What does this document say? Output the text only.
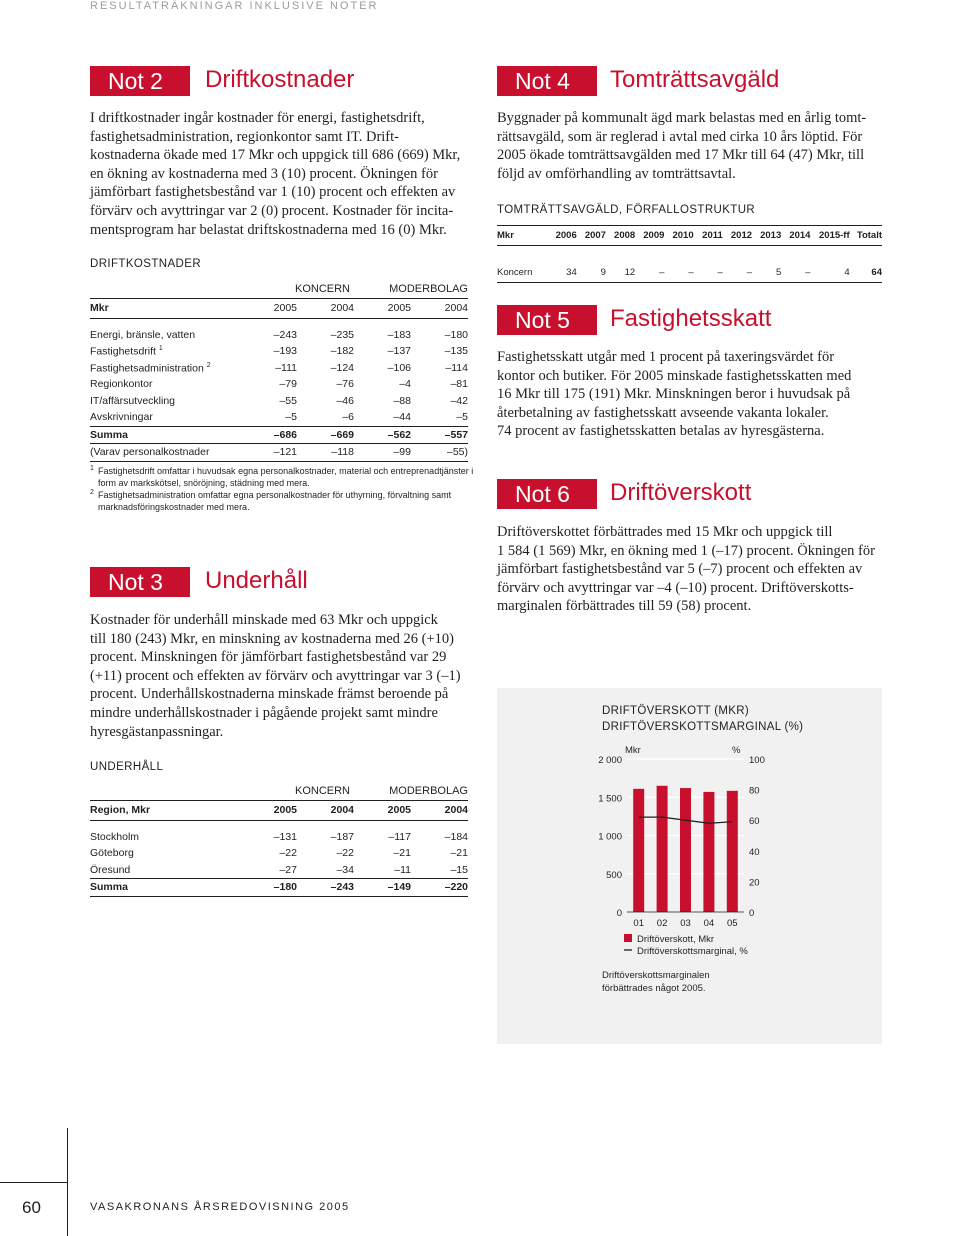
RESULTATRÄKNINGAR INKLUSIVE NOTER
Not 2	Driftkostnader
I driftkostnader ingår kostnader för energi, fastighetsdrift,
fastighetsadministration, regionkontor samt IT. Drift-
kostnaderna ökade med 17 Mkr och uppgick till 686 (669) Mkr,
en ökning av kostnaderna med 3 (10) procent. Ökningen för
jämförbart fastighetsbestånd var 1 (10) procent och effekten av
förvärv och avyttringar var 2 (0) procent. Kostnader för incita-
mentsprogram har belastat driftskostnaderna med 16 (0) Mkr.
DRIFTKOSTNADER
	KONCERN		MODERBOLAG	
Mkr	2005	2004	2005	2004

Energi, bränsle, vatten	–243	–235	–183	–180
Fastighetsdrift $^1$	–193	–182	–137	–135
Fastighetsadministration $^2$	–111	–124	–106	–114
Regionkontor	–79	–76	–4	–81
IT/affärsutveckling	–55	–46	–88	–42
Avskrivningar	–5	–6	–44	–5
Summa	–686	–669	–562	–557
(Varav personalkostnader	–121	–118	–99	–55)
1 Fastighetsdrift omfattar i huvudsak egna personalkostnader, material och entreprenadtjänster i
form av markskötsel, snöröjning, städning med mera.
2 Fastighetsadministration omfattar egna personalkostnader för uthyrning, förvaltning samt
marknadsföringskostnader med mera.
Not 3	Underhåll
Kostnader för underhåll minskade med 63 Mkr och uppgick
till 180 (243) Mkr, en minskning av kostnaderna med 26 (+10)
procent. Minskningen för jämförbart fastighetsbestånd var 29
(+11) procent och effekten av förvärv och avyttringar var 3 (–1)
procent. Underhållskostnaderna minskade främst beroende på
mindre underhållskostnader i pågående projekt samt mindre
hyresgästanpassningar.
UNDERHÅLL
	KONCERN		MODERBOLAG	
Region, Mkr	2005	2004	2005	2004

Stockholm	–131	–187	–117	–184
Göteborg	–22	–22	–21	–21
Öresund	–27	–34	–11	–15
Summa	–180	–243	–149	–220
Not 4	Tomträttsavgäld
Byggnader på kommunalt ägd mark belastas med en årlig tomt-
rättsavgäld, som är reglerad i avtal med cirka 10 års löptid. För
2005 ökade tomträttsavgälden med 17 Mkr till 64 (47) Mkr, till
följd av omförhandling av tomträttsavtal.
TOMTRÄTTSAVGÄLD, FÖRFALLOSTRUKTUR
Mkr	2006	2007	2008	2009	2010	2011	2012	2013	2014	2015-ff	Totalt

Koncern	34	9	12	–	–	–	–	5	–	4	64
Not 5	Fastighetsskatt
Fastighetsskatt utgår med 1 procent på taxeringsvärdet för
kontor och butiker. För 2005 minskade fastighetsskatten med
16 Mkr till 175 (191) Mkr. Minskningen beror i huvudsak på
återbetalning av fastighetsskatt avseende vakanta lokaler.
74 procent av fastighetsskatten betalas av hyresgästerna.
Not 6	Driftöverskott
Driftöverskottet förbättrades med 15 Mkr och uppgick till
1 584 (1 569) Mkr, en ökning med 1 (–17) procent. Ökningen för
jämförbart fastighetsbestånd var 5 (–7) procent och effekten av
förvärv och avyttringar var –4 (–10) procent. Driftöverskotts-
marginalen förbättrades till 59 (58) procent.
DRIFTÖVERSKOTT (MKR)
DRIFTÖVERSKOTTSMARGINAL (%)
0
500
1 000
1 500
2 000
0
20
40
60
80
100
Mkr	%
01 02 03 04 05
Driftöverskott, Mkr
Driftöverskottsmarginal, %
Driftöverskottsmarginalen
förbättrades något 2005.
60	VASAKRONANS ÅRSREDOVISNING 2005
